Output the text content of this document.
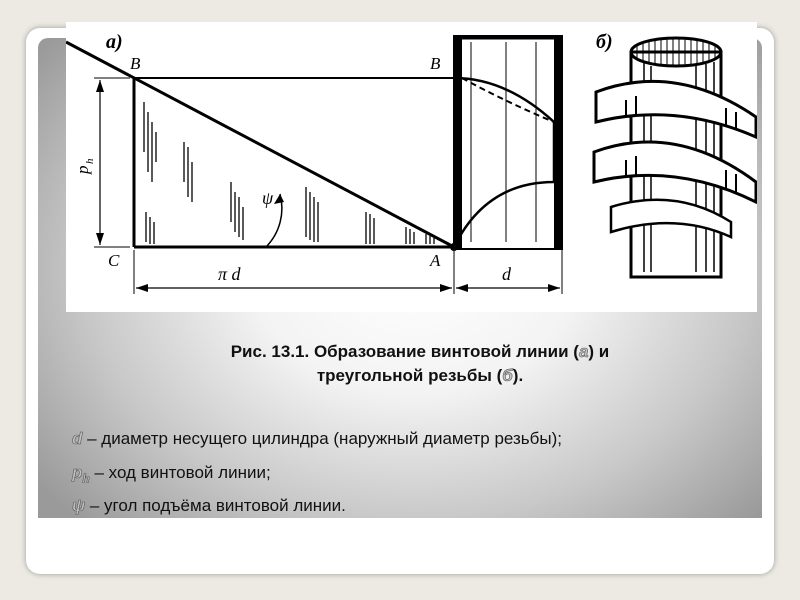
а)	б)
B	B
C	A
π d	d
ψ
p
h
Рис. 13.1. Образование винтовой линии (а) и
треугольной резьбы (б).
d – диаметр несущего цилиндра (наружный диаметр резьбы);
$p_h$ – ход винтовой линии;
ψ – угол подъёма винтовой линии.
